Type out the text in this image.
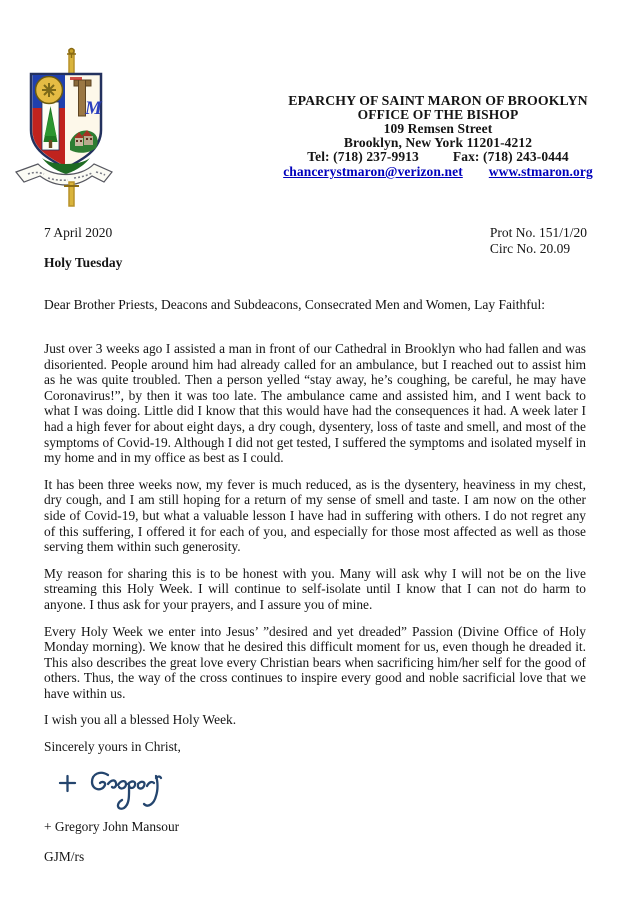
M	EPARCHY OF SAINT MARON OF BROOKLYN
OFFICE OF THE BISHOP
109 Remsen Street
Brooklyn, New York 11201-4212
Tel: (718) 237-9913	Fax: (718) 243-0444
chancerystmaron@verizon.net www.stmaron.org
7 April 2020	Prot No. 151/1/20
Circ No. 20.09
Holy Tuesday
Dear Brother Priests, Deacons and Subdeacons, Consecrated Men and Women, Lay Faithful:

Just over 3 weeks ago I assisted a man in front of our Cathedral in Brooklyn who had fallen and was disoriented. People around him had already called for an ambulance, but I reached out to assist him as he was quite troubled. Then a person yelled “stay away, he’s coughing, be careful, he may have Coronavirus!”, by then it was too late. The ambulance came and assisted him, and I went back to what I was doing. Little did I know that this would have had the consequences it had. A week later I had a high fever for about eight days, a dry cough, dysentery, loss of taste and smell, and most of the symptoms of Covid-19. Although I did not get tested, I suffered the symptoms and isolated myself in my home and in my office as best as I could.

It has been three weeks now, my fever is much reduced, as is the dysentery, heaviness in my chest, dry cough, and I am still hoping for a return of my sense of smell and taste. I am now on the other side of Covid-19, but what a valuable lesson I have had in suffering with others. I do not regret any of this suffering, I offered it for each of you, and especially for those most affected as well as those serving them within such generosity.

My reason for sharing this is to be honest with you. Many will ask why I will not be on the live streaming this Holy Week. I will continue to self-isolate until I know that I can not do harm to anyone. I thus ask for your prayers, and I assure you of mine.

Every Holy Week we enter into Jesus’ ”desired and yet dreaded” Passion (Divine Office of Holy Monday morning). We know that he desired this difficult moment for us, even though he dreaded it. This also describes the great love every Christian bears when sacrificing him/her self for the good of others. Thus, the way of the cross continues to inspire every good and noble sacrificial love that we have within us.

I wish you all a blessed Holy Week.

Sincerely yours in Christ,

+ Gregory John Mansour
GJM/rs
